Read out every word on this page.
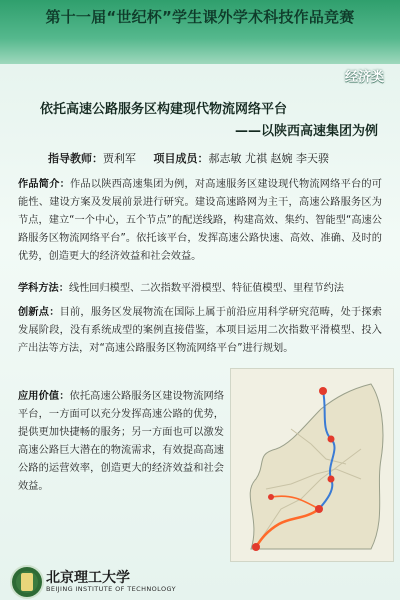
第十一届“世纪杯”学生课外学术科技作品竞赛
经济类
依托高速公路服务区构建现代物流网络平台
——以陕西高速集团为例
指导教师：贾利军 项目成员：郝志敏 尤祺 赵婉 李天骙
作品简介：作品以陕西高速集团为例，对高速服务区建设现代物流网络平台的可能性、建设方案及发展前景进行研究。建设高速路网为主干，高速公路服务区为节点，建立“一个中心，五个节点”的配送线路，构建高效、集约、智能型“高速公路服务区物流网络平台”。依托该平台，发挥高速公路快速、高效、准确、及时的优势，创造更大的经济效益和社会效益。
学科方法：线性回归模型、二次指数平滑模型、特征值模型、里程节约法
创新点：目前，服务区发展物流在国际上属于前沿应用科学研究范畴，处于探索发展阶段，没有系统成型的案例直接借鉴，本项目运用二次指数平滑模型、投入产出法等方法，对“高速公路服务区物流网络平台”进行规划。
应用价值：依托高速公路服务区建设物流网络平台，一方面可以充分发挥高速公路的优势，提供更加快捷畅的服务；另一方面也可以激发高速公路巨大潜在的物流需求，有效提高高速公路的运营效率，创造更大的经济效益和社会效益。
北京理工大学
BEIJING INSTITUTE OF TECHNOLOGY
